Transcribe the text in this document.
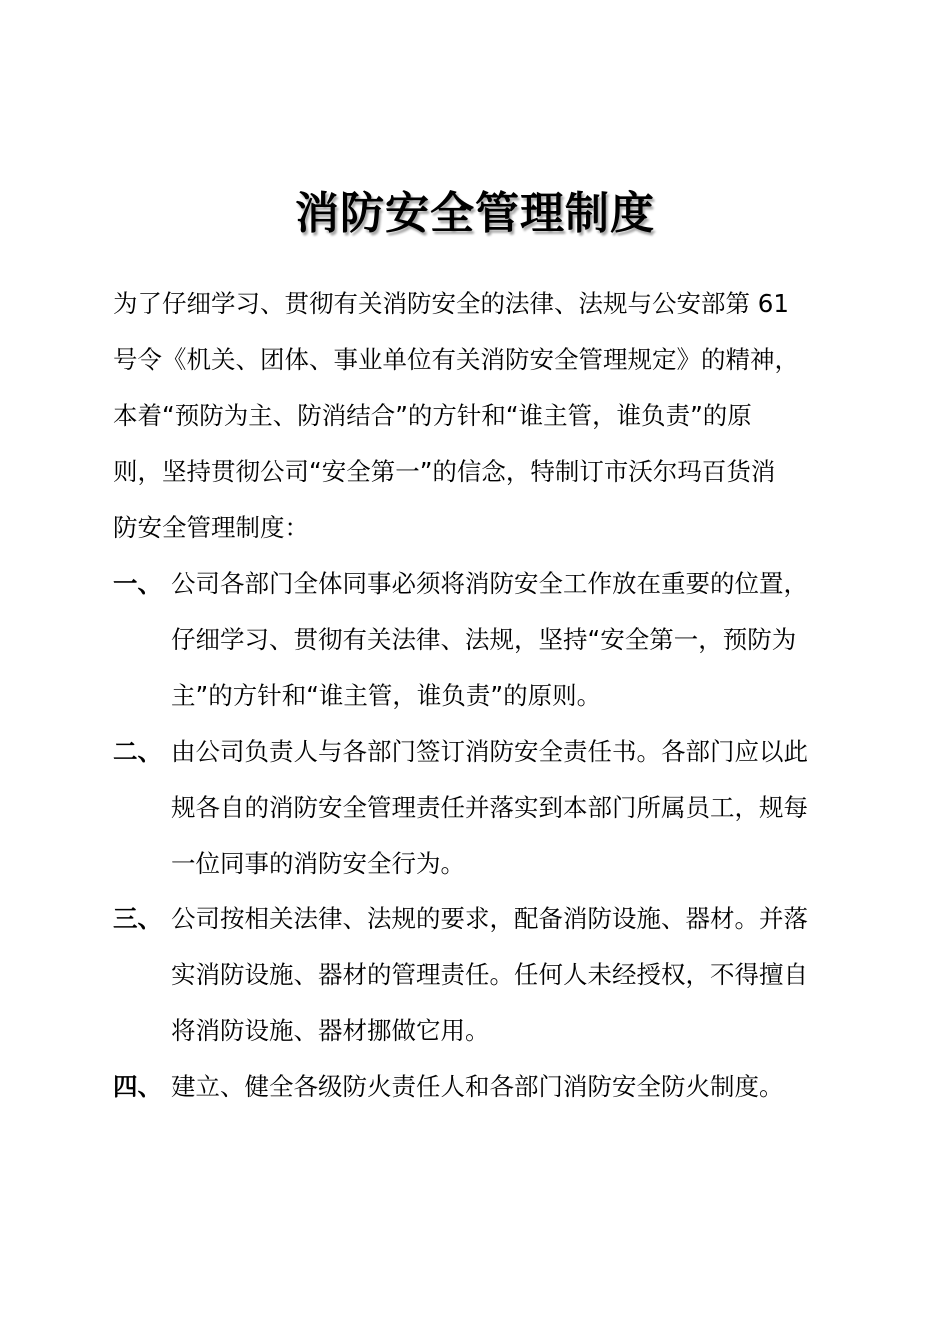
消防安全管理制度
为了仔细学习、贯彻有关消防安全的法律、法规与公安部第 61
号令《机关、团体、事业单位有关消防安全管理规定》的精神，
本着“预防为主、防消结合”的方针和“谁主管，谁负责”的原
则，坚持贯彻公司“安全第一”的信念，特制订市沃尔玛百货消
防安全管理制度：
一、 公司各部门全体同事必须将消防安全工作放在重要的位置，
仔细学习、贯彻有关法律、法规，坚持“安全第一，预防为
主”的方针和“谁主管，谁负责”的原则。
二、 由公司负责人与各部门签订消防安全责任书。各部门应以此
规各自的消防安全管理责任并落实到本部门所属员工，规每
一位同事的消防安全行为。
三、 公司按相关法律、法规的要求，配备消防设施、器材。并落
实消防设施、器材的管理责任。任何人未经授权，不得擅自
将消防设施、器材挪做它用。
四、 建立、健全各级防火责任人和各部门消防安全防火制度。
